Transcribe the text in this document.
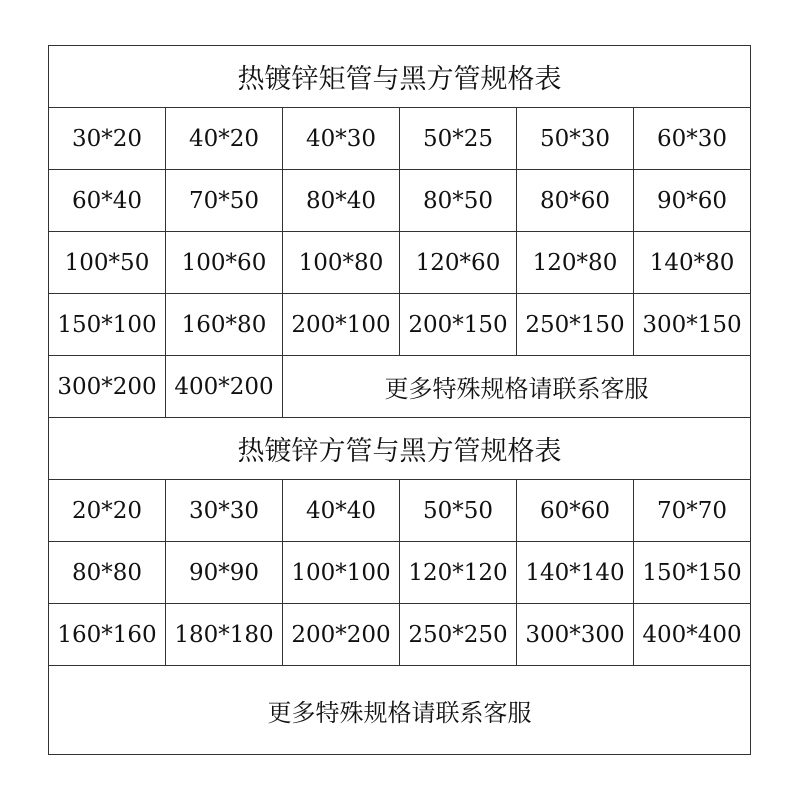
热镀锌矩管与黑方管规格表					
30*20	40*20	40*30	50*25	50*30	60*30
60*40	70*50	80*40	80*50	80*60	90*60
100*50	100*60	100*80	120*60	120*80	140*80
150*100	160*80	200*100	200*150	250*150	300*150
300*200	400*200	更多特殊规格请联系客服			
热镀锌方管与黑方管规格表					
20*20	30*30	40*40	50*50	60*60	70*70
80*80	90*90	100*100	120*120	140*140	150*150
160*160	180*180	200*200	250*250	300*300	400*400
更多特殊规格请联系客服					
